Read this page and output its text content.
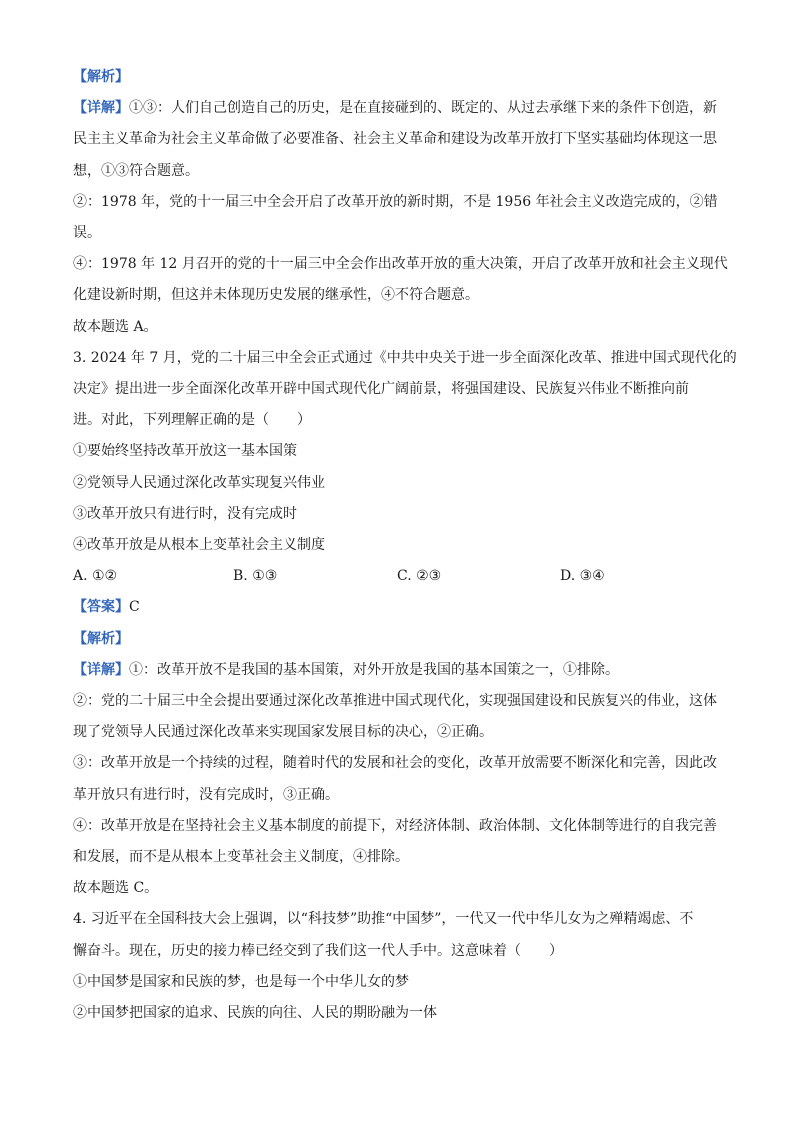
【解析】

【详解】①③：人们自己创造自己的历史，是在直接碰到的、既定的、从过去承继下来的条件下创造，新

民主主义革命为社会主义革命做了必要准备、社会主义革命和建设为改革开放打下坚实基础均体现这一思

想，①③符合题意。

②：1978 年，党的十一届三中全会开启了改革开放的新时期，不是 1956 年社会主义改造完成的，②错

误。

④：1978 年 12 月召开的党的十一届三中全会作出改革开放的重大决策，开启了改革开放和社会主义现代

化建设新时期，但这并未体现历史发展的继承性，④不符合题意。

故本题选 A。

3. 2024 年 7 月，党的二十届三中全会正式通过《中共中央关于进一步全面深化改革、推进中国式现代化的

决定》提出进一步全面深化改革开辟中国式现代化广阔前景，将强国建设、民族复兴伟业不断推向前

进。对此，下列理解正确的是（　　）

①要始终坚持改革开放这一基本国策

②党领导人民通过深化改革实现复兴伟业

③改革开放只有进行时，没有完成时

④改革开放是从根本上变革社会主义制度

A. ①②	B. ①③	C. ②③	D. ③④

【答案】C

【解析】

【详解】①：改革开放不是我国的基本国策，对外开放是我国的基本国策之一，①排除。

②：党的二十届三中全会提出要通过深化改革推进中国式现代化，实现强国建设和民族复兴的伟业，这体

现了党领导人民通过深化改革来实现国家发展目标的决心，②正确。

③：改革开放是一个持续的过程，随着时代的发展和社会的变化，改革开放需要不断深化和完善，因此改

革开放只有进行时，没有完成时，③正确。

④：改革开放是在坚持社会主义基本制度的前提下，对经济体制、政治体制、文化体制等进行的自我完善

和发展，而不是从根本上变革社会主义制度，④排除。

故本题选 C。

4. 习近平在全国科技大会上强调，以“科技梦”助推“中国梦”，一代又一代中华儿女为之殚精竭虑、不

懈奋斗。现在，历史的接力棒已经交到了我们这一代人手中。这意味着（　　）

①中国梦是国家和民族的梦，也是每一个中华儿女的梦

②中国梦把国家的追求、民族的向往、人民的期盼融为一体
